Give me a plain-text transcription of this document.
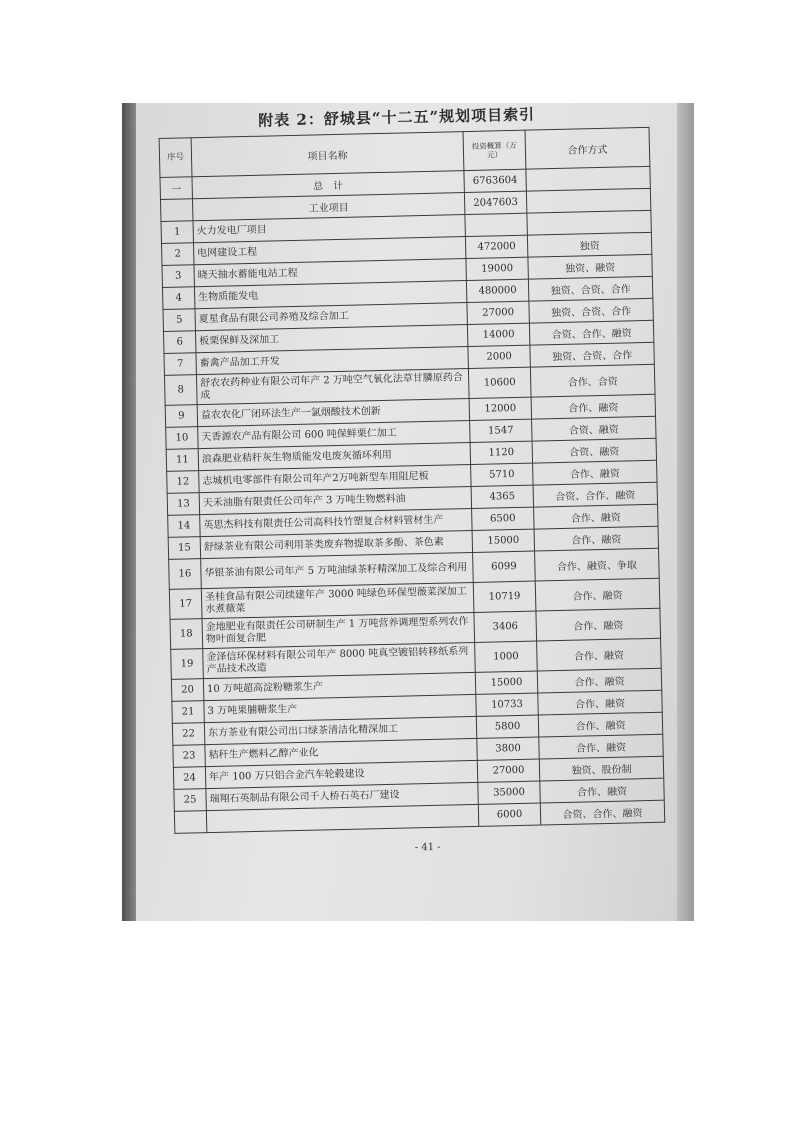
附表 2：舒城县“十二五”规划项目索引
序号	项目名称	投资概算（万元）	合作方式
一	总　计	6763604	
	工业项目	2047603	
1	火力发电厂项目		
2	电网建设工程	472000	独资
3	晓天抽水蓄能电站工程	19000	独资、融资
4	生物质能发电	480000	独资、合资、合作
5	夏星食品有限公司养殖及综合加工	27000	独资、合资、合作
6	板栗保鲜及深加工	14000	合资、合作、融资
7	畜禽产品加工开发	2000	独资、合资、合作
8	舒农农药种业有限公司年产 2 万吨空气氧化法草甘膦原药合成	10600	合作、合资
9	益农农化厂闭环法生产一氯烟酸技术创新	12000	合作、融资
10	天香源农产品有限公司 600 吨保鲜栗仁加工	1547	合资、融资
11	浪森肥业秸秆灰生物质能发电废灰循环利用	1120	合资、融资
12	志城机电零部件有限公司年产2万吨新型车用阻尼板	5710	合作、融资
13	天禾油脂有限责任公司年产 3 万吨生物燃料油	4365	合资、合作、融资
14	英思杰科技有限责任公司高科技竹塑复合材料管材生产	6500	合作、融资
15	舒绿茶业有限公司利用茶类废弃物提取茶多酚、茶色素	15000	合作、融资
16	华银茶油有限公司年产 5 万吨油绿茶籽精深加工及综合利用	6099	合作、融资、争取
17	圣桂食品有限公司续建年产 3000 吨绿色环保型薇菜深加工水煮薇菜	10719	合作、融资
18	金地肥业有限责任公司研制生产 1 万吨营养调理型系列农作物叶面复合肥	3406	合作、融资
19	金泽信环保材料有限公司年产 8000 吨真空镀铝转移纸系列产品技术改造	1000	合作、融资
20	10 万吨超高淀粉糖浆生产	15000	合作、融资
21	3 万吨果脯糖浆生产	10733	合作、融资
22	东方茶业有限公司出口绿茶清洁化精深加工	5800	合作、融资
23	秸秆生产燃料乙醇产业化	3800	合作、融资
24	年产 100 万只铝合金汽车轮毂建设	27000	独资、股份制
25	瑞翔石英制品有限公司千人桥石英石厂建设	35000	合作、融资
		6000	合资、合作、融资
- 41 -
